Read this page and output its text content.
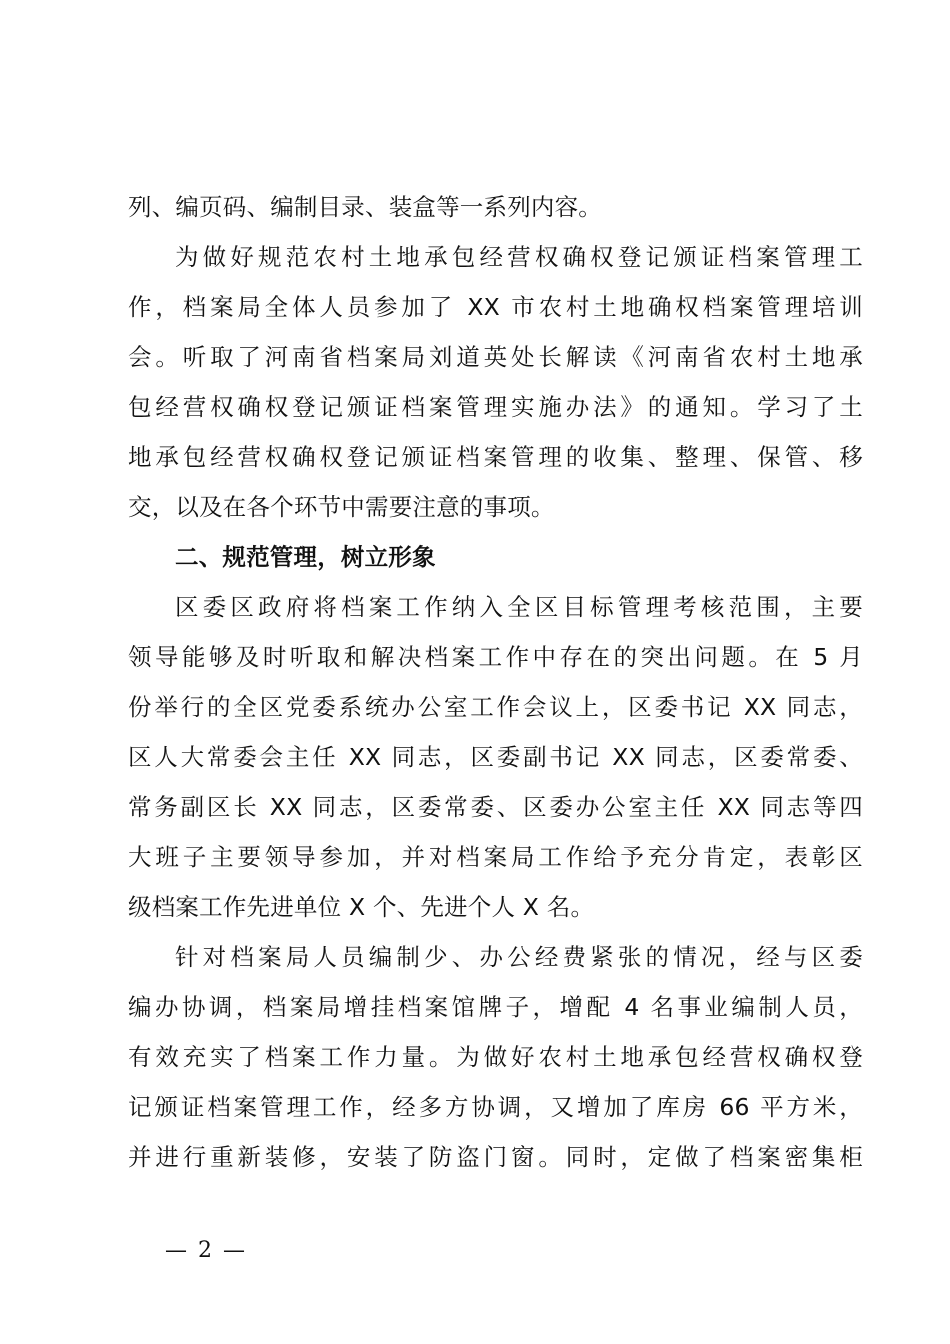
列、编页码、编制目录、装盒等一系列内容。
为做好规范农村土地承包经营权确权登记颁证档案管理工
作，档案局全体人员参加了 XX 市农村土地确权档案管理培训
会。听取了河南省档案局刘道英处长解读《河南省农村土地承
包经营权确权登记颁证档案管理实施办法》的通知。学习了土
地承包经营权确权登记颁证档案管理的收集、整理、保管、移
交，以及在各个环节中需要注意的事项。
二、规范管理，树立形象
区委区政府将档案工作纳入全区目标管理考核范围，主要
领导能够及时听取和解决档案工作中存在的突出问题。在 5 月
份举行的全区党委系统办公室工作会议上，区委书记 XX 同志，
区人大常委会主任 XX 同志，区委副书记 XX 同志，区委常委、
常务副区长 XX 同志，区委常委、区委办公室主任 XX 同志等四
大班子主要领导参加，并对档案局工作给予充分肯定，表彰区
级档案工作先进单位 X 个、先进个人 X 名。
针对档案局人员编制少、办公经费紧张的情况，经与区委
编办协调，档案局增挂档案馆牌子，增配 4 名事业编制人员，
有效充实了档案工作力量。为做好农村土地承包经营权确权登
记颁证档案管理工作，经多方协调，又增加了库房 66 平方米，
并进行重新装修，安装了防盗门窗。同时，定做了档案密集柜
— 2 —
